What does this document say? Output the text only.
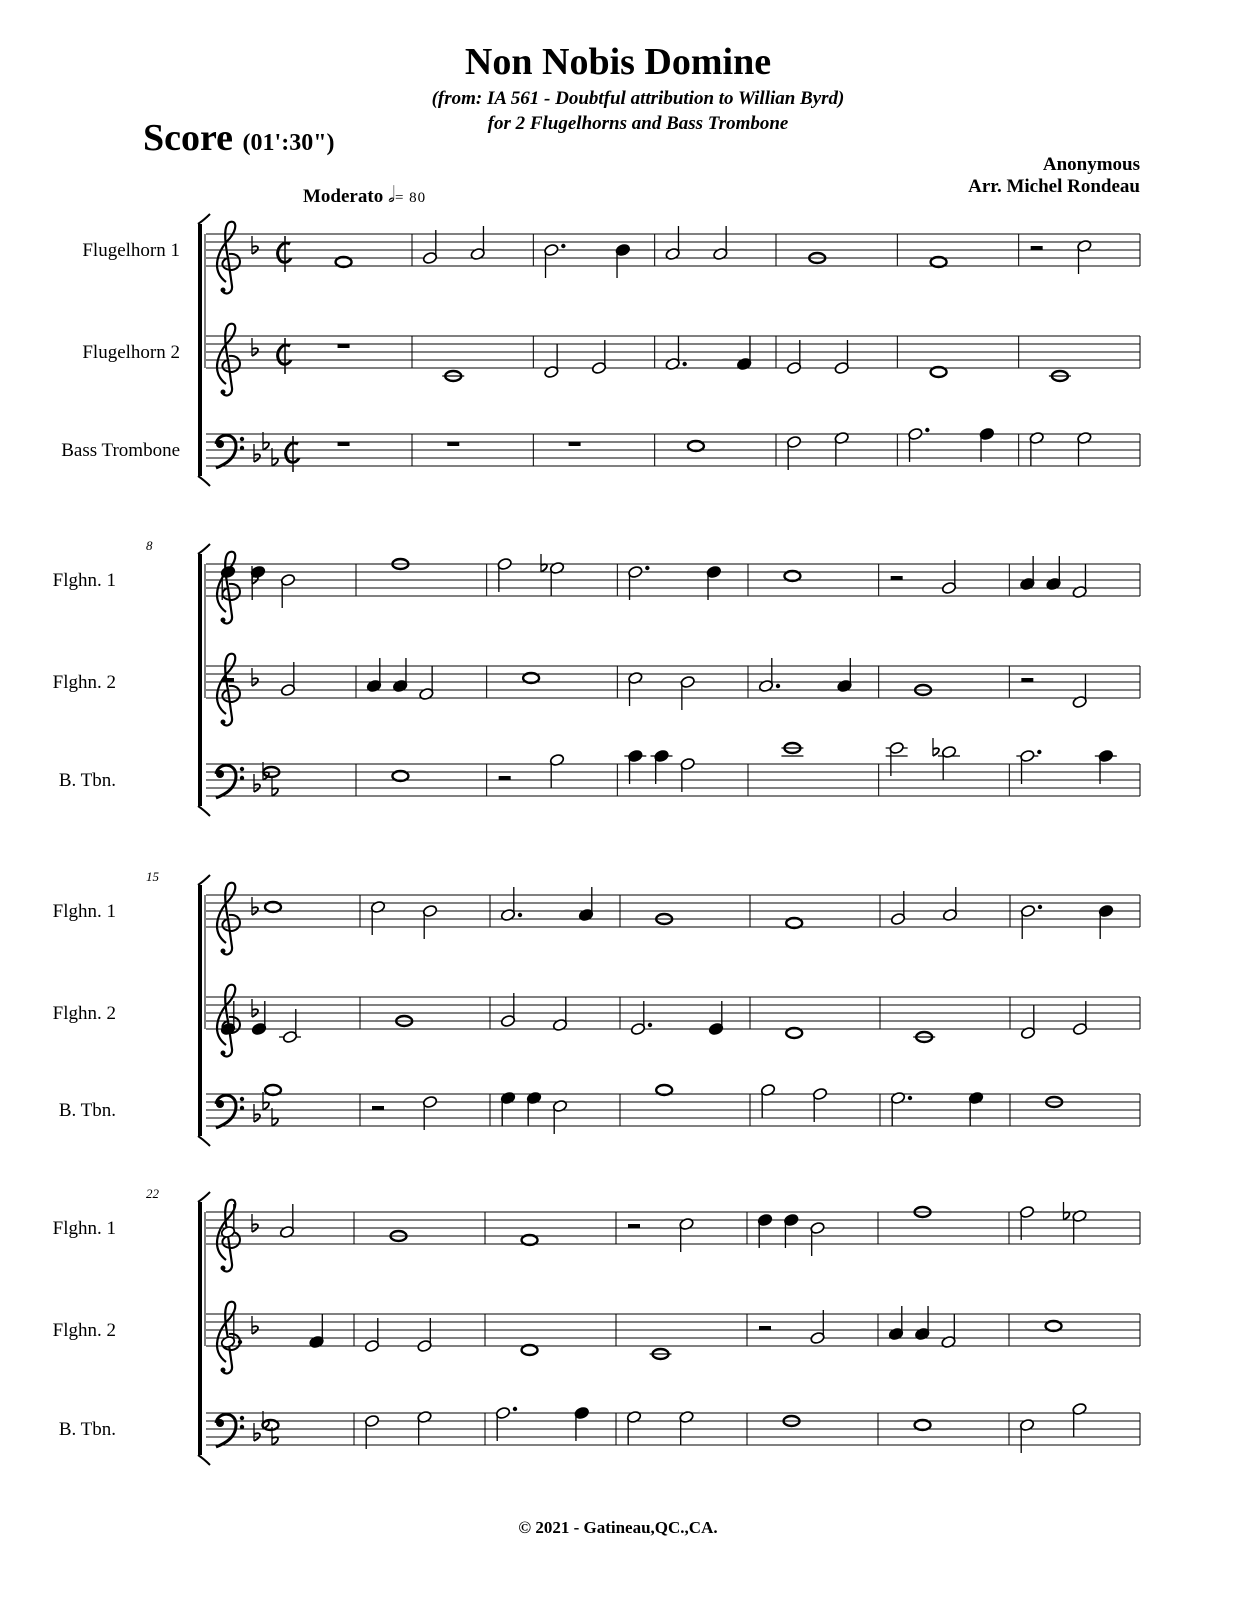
Non Nobis Domine
(from: IA 561 - Doubtful attribution to Willian Byrd)
for 2 Flugelhorns and Bass Trombone
Score (01':30")
Anonymous
Arr. Michel Rondeau
Moderato 𝅗𝅥= 80
Flugelhorn 1
Flugelhorn 2
Bass Trombone
8
Flghn. 1
Flghn. 2
B. Tbn.
15
Flghn. 1
Flghn. 2
B. Tbn.
22
Flghn. 1
Flghn. 2
B. Tbn.
© 2021 - Gatineau,QC.,CA.
